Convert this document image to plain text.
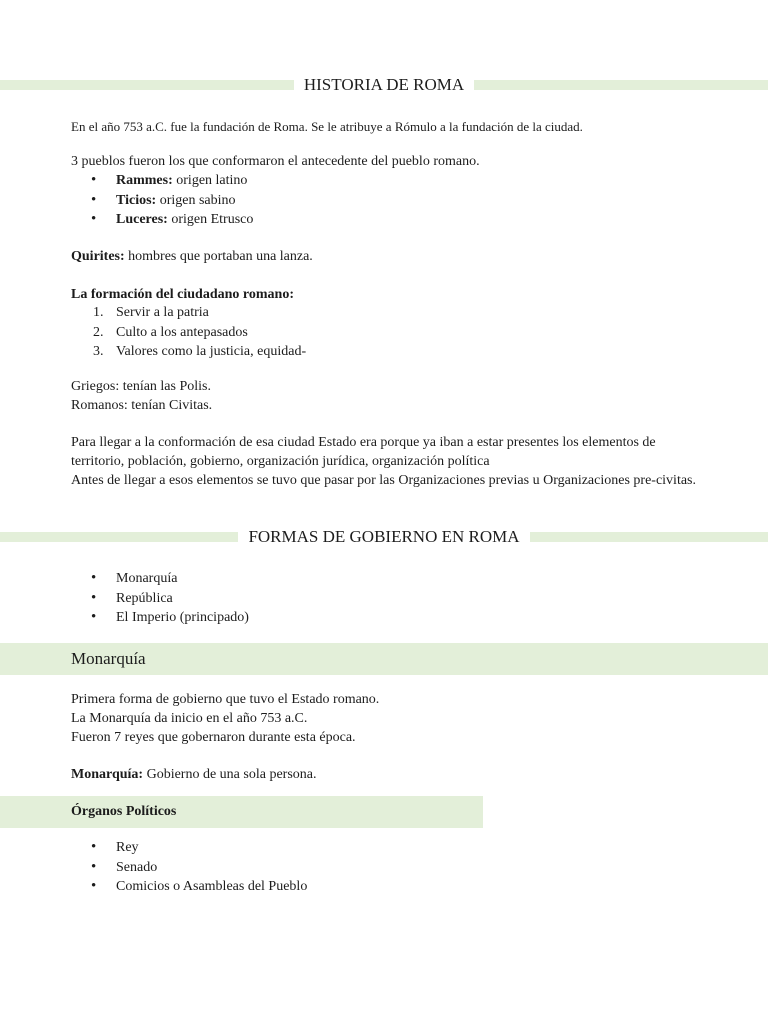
HISTORIA DE ROMA
En el año 753 a.C. fue la fundación de Roma. Se le atribuye a Rómulo a la fundación de la ciudad.
3 pueblos fueron los que conformaron el antecedente del pueblo romano.
• Rammes: origen latino
• Ticios: origen sabino
• Luceres: origen Etrusco
Quirites: hombres que portaban una lanza.
La formación del ciudadano romano:
1. Servir a la patria
2. Culto a los antepasados
3. Valores como la justicia, equidad-
Griegos: tenían las Polis.
Romanos: tenían Civitas.
Para llegar a la conformación de esa ciudad Estado era porque ya iban a estar presentes los elementos de territorio, población, gobierno, organización jurídica, organización política
Antes de llegar a esos elementos se tuvo que pasar por las Organizaciones previas u Organizaciones pre-civitas.
FORMAS DE GOBIERNO EN ROMA
• Monarquía
• República
• El Imperio (principado)
Monarquía
Primera forma de gobierno que tuvo el Estado romano.
La Monarquía da inicio en el año 753 a.C.
Fueron 7 reyes que gobernaron durante esta época.
Monarquía: Gobierno de una sola persona.
Órganos Políticos
• Rey
• Senado
• Comicios o Asambleas del Pueblo
